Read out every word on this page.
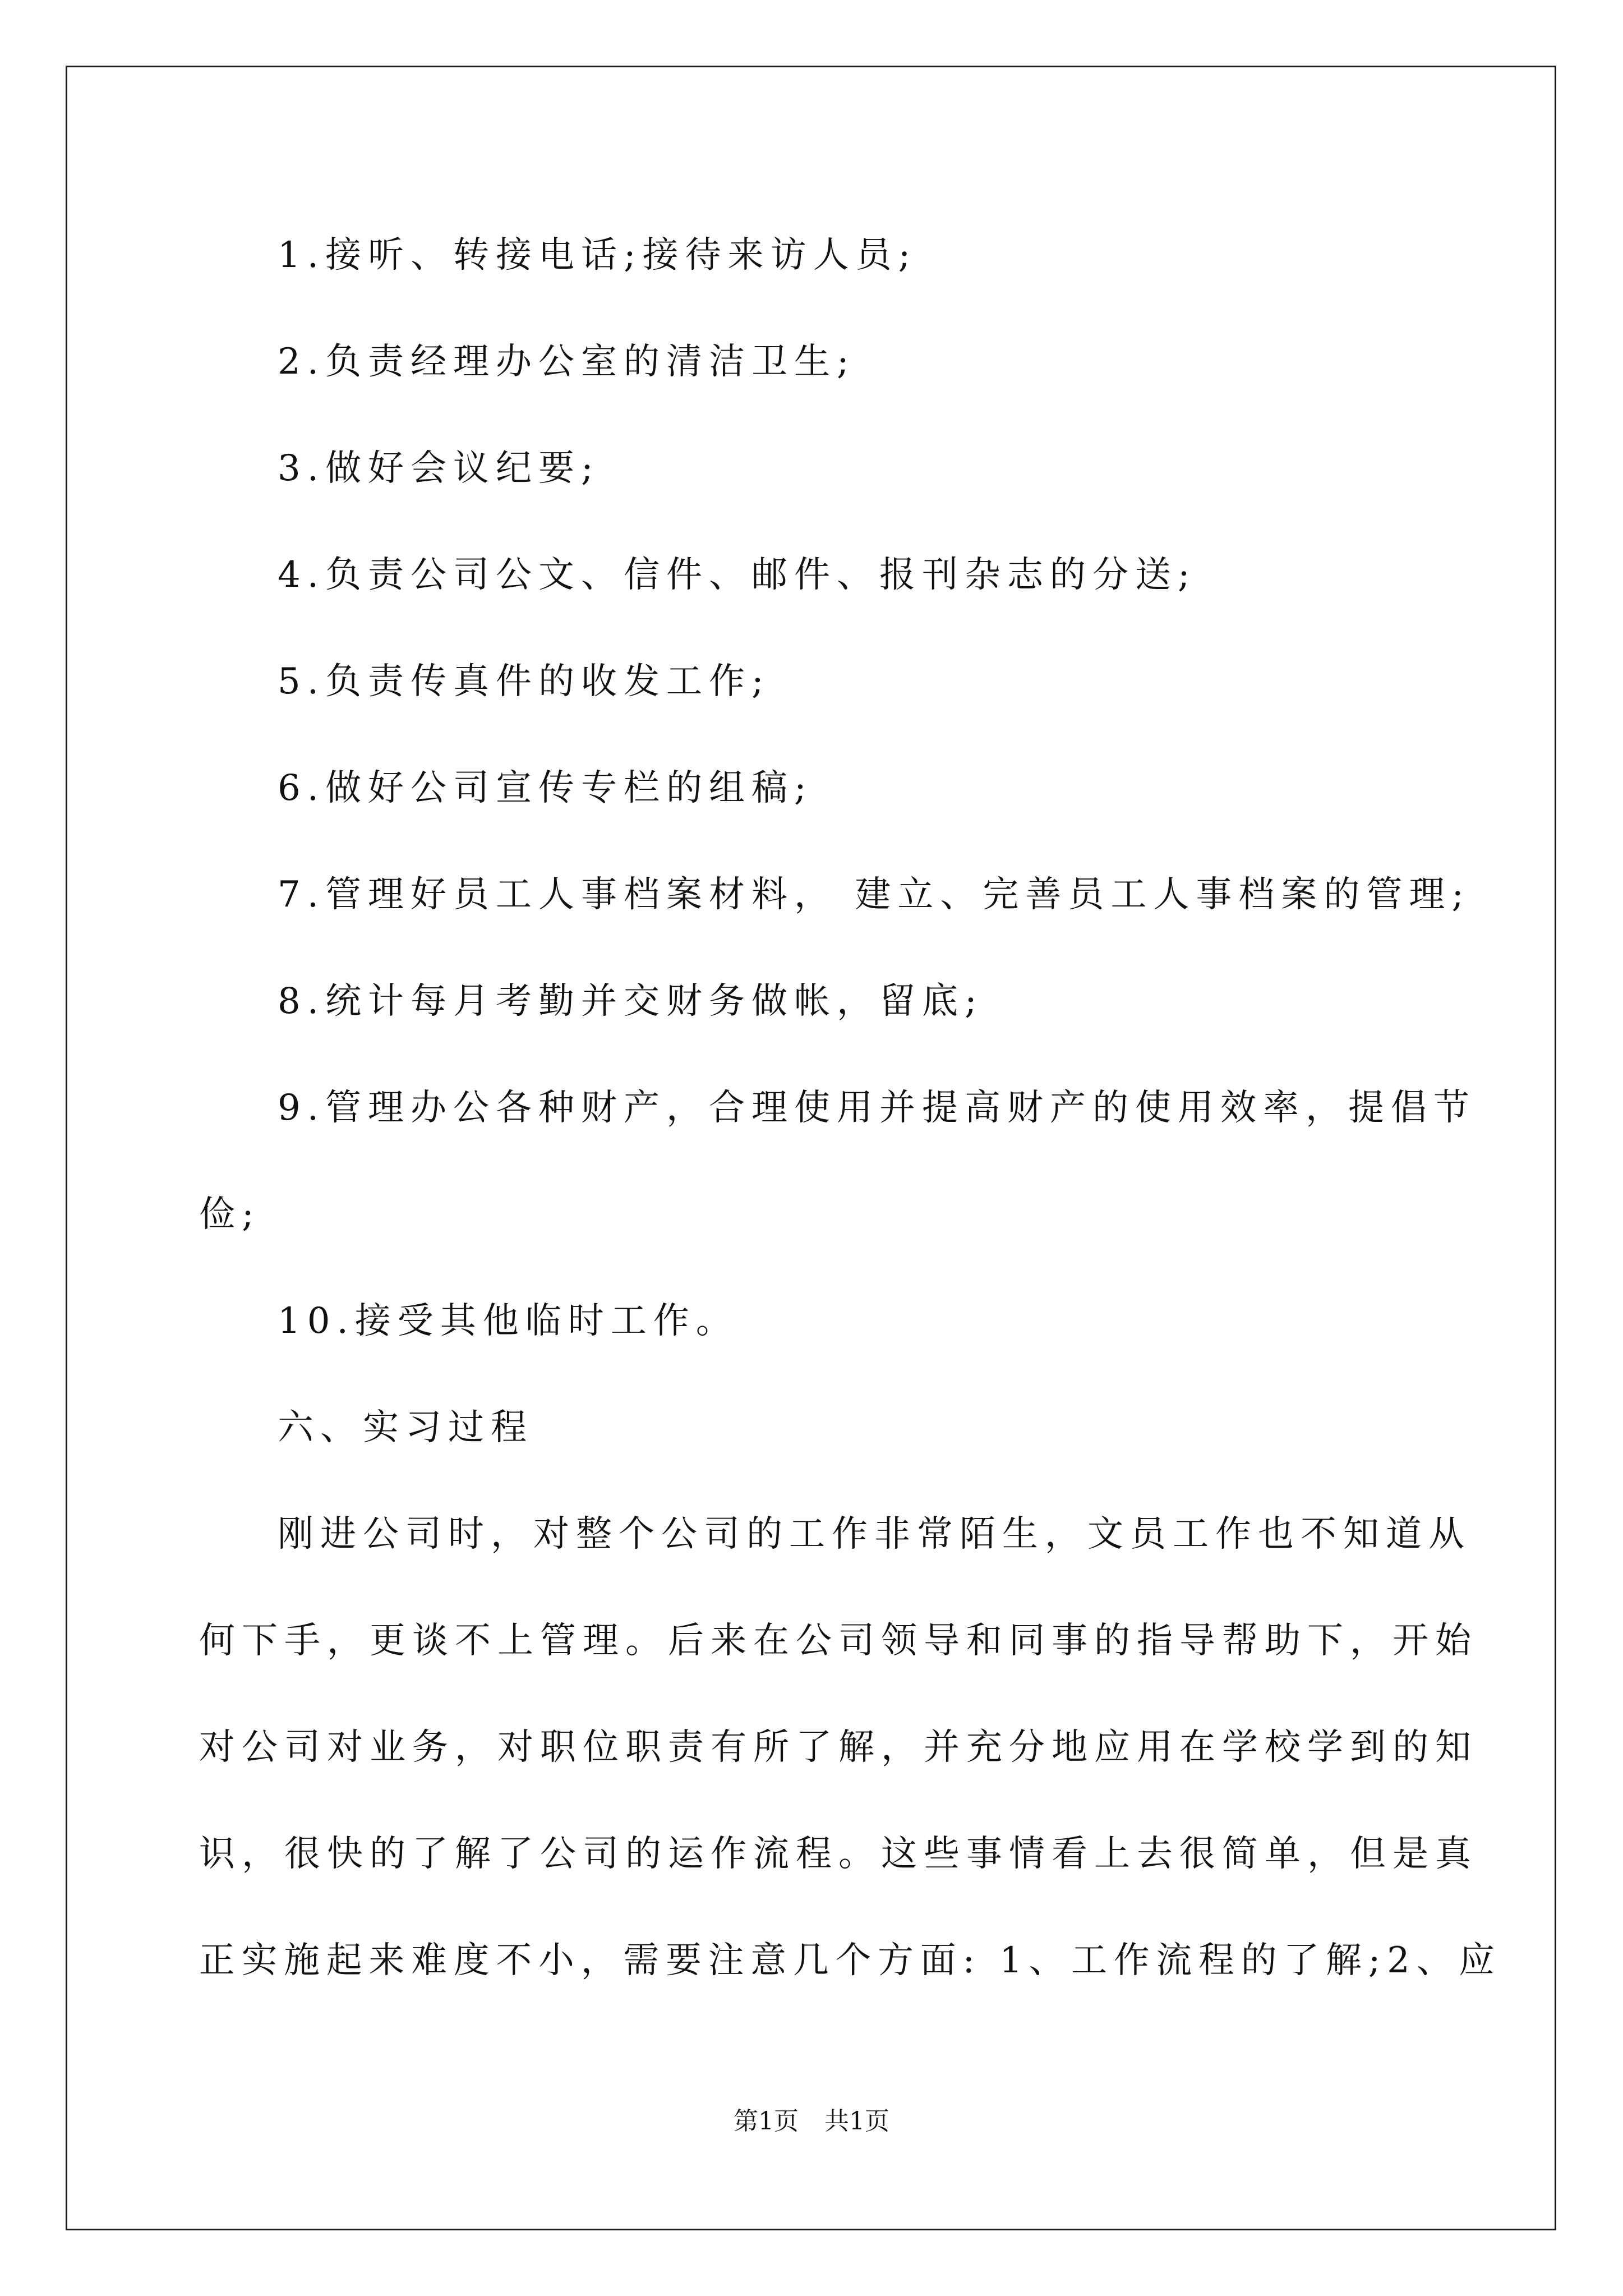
1.接听、转接电话;接待来访人员;
2.负责经理办公室的清洁卫生;
3.做好会议纪要;
4.负责公司公文、信件、邮件、报刊杂志的分送;
5.负责传真件的收发工作;
6.做好公司宣传专栏的组稿;
7.管理好员工人事档案材料， 建立、完善员工人事档案的管理;
8.统计每月考勤并交财务做帐，留底;
9.管理办公各种财产，合理使用并提高财产的使用效率，提倡节
俭;
10.接受其他临时工作。
六、实习过程
刚进公司时，对整个公司的工作非常陌生，文员工作也不知道从
何下手，更谈不上管理。后来在公司领导和同事的指导帮助下，开始
对公司对业务，对职位职责有所了解，并充分地应用在学校学到的知
识，很快的了解了公司的运作流程。这些事情看上去很简单，但是真
正实施起来难度不小，需要注意几个方面: 1、工作流程的了解;2、应
第1页 共1页
